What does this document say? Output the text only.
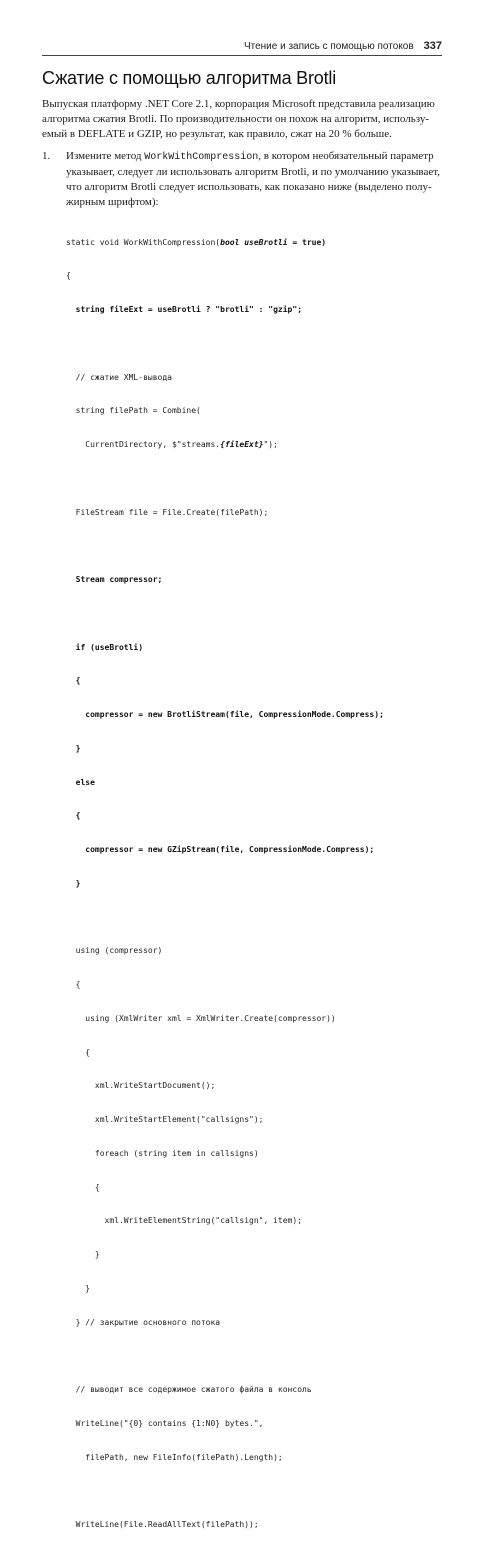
Чтение и запись с помощью потоков 337
Сжатие с помощью алгоритма Brotli

Выпуская платформу .NET Core 2.1, корпорация Microsoft представила реализацию
алгоритма сжатия Brotli. По производительности он похож на алгоритм, использу-
емый в DEFLATE и GZIP, но результат, как правило, сжат на 20 % больше.

1. Измените метод WorkWithCompression, в котором необязательный параметр
указывает, следует ли использовать алгоритм Brotli, и по умолчанию указывает,
что алгоритм Brotli следует использовать, как показано ниже (выделено полу-
жирным шрифтом):

static void WorkWithCompression(bool useBrotli = true)

{

string fileExt = useBrotli ? "brotli" : "gzip";

// сжатие XML-вывода

string filePath = Combine(

CurrentDirectory, $"streams.{fileExt}");

FileStream file = File.Create(filePath);

Stream compressor;

if (useBrotli)

{

compressor = new BrotliStream(file, CompressionMode.Compress);

}

else

{

compressor = new GZipStream(file, CompressionMode.Compress);

}

using (compressor)

{

using (XmlWriter xml = XmlWriter.Create(compressor))

{

xml.WriteStartDocument();

xml.WriteStartElement("callsigns");

foreach (string item in callsigns)

{

xml.WriteElementString("callsign", item);

}

}

} // закрытие основного потока

// выводит все содержимое сжатого файла в консоль

WriteLine("{0} contains {1:N0} bytes.",

filePath, new FileInfo(filePath).Length);

WriteLine(File.ReadAllText(filePath));
